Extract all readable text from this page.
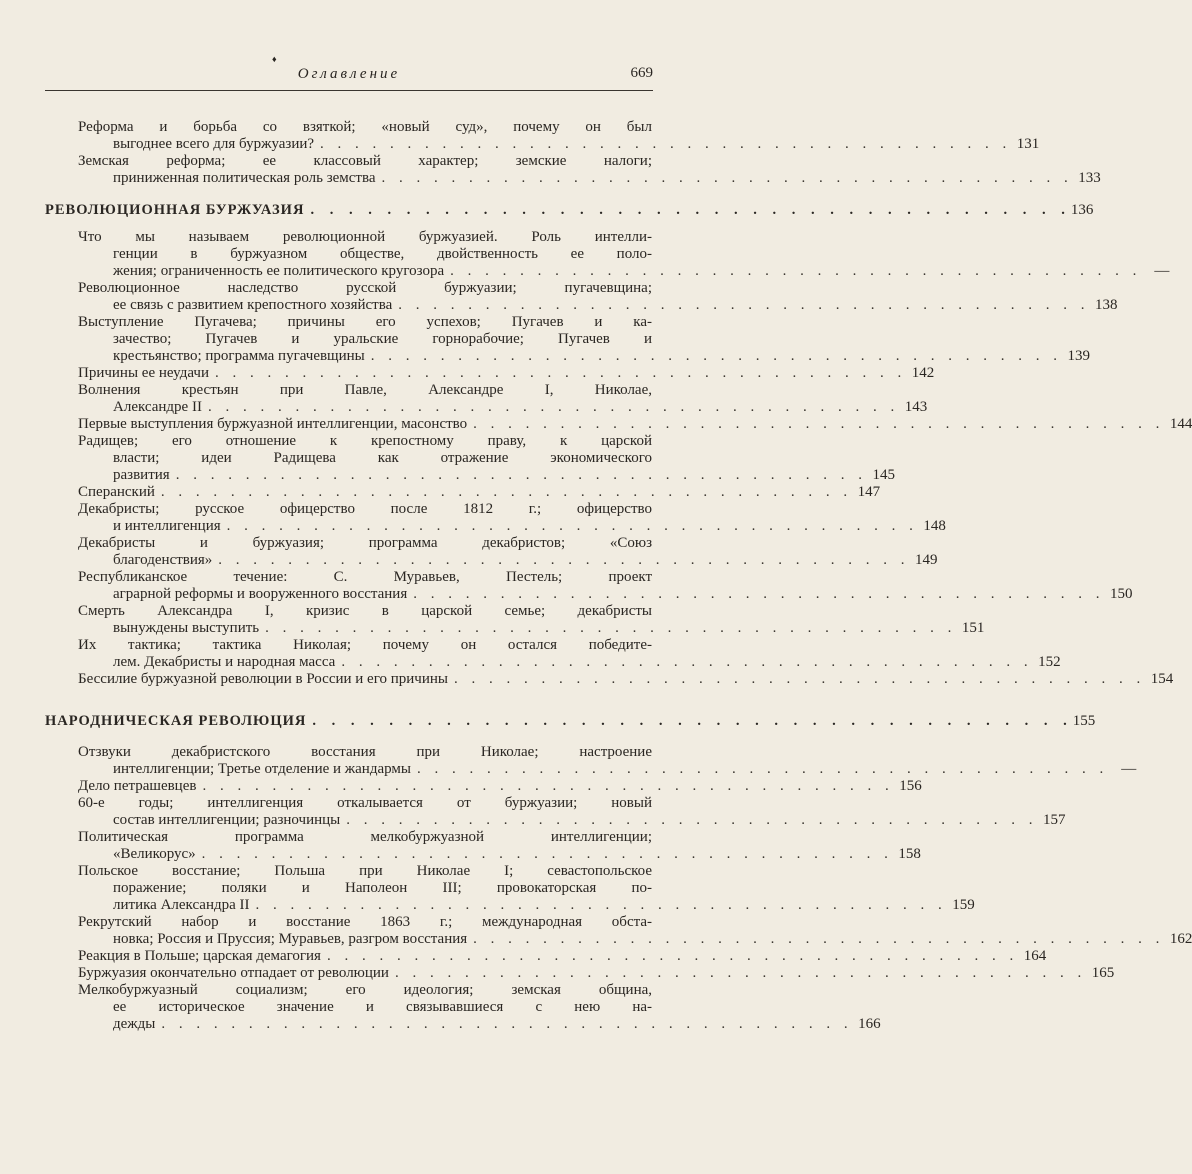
♦
Оглавление	669
Реформа и борьба со взяткой; «новый суд», почему он был
выгоднее всего для буржуазии? . . . . . . . . . . . . . . . . . . . . . . . . . . . . . . . . . . . . . . . . 131
Земская реформа; ее классовый характер; земские налоги;
приниженная политическая роль земства . . . . . . . . . . . . . . . . . . . . . . . . . . . . . . . . . . . . . . . . 133
РЕВОЛЮЦИОННАЯ БУРЖУАЗИЯ . . . . . . . . . . . . . . . . . . . . . . . . . . . . . . . . . . . . . . . . 136
Что мы называем революционной буржуазией. Роль интелли-
генции в буржуазном обществе, двойственность ее поло-
жения; ограниченность ее политического кругозора . . . . . . . . . . . . . . . . . . . . . . . . . . . . . . . . . . . . . . . . —
Революционное наследство русской буржуазии; пугачевщина;
ее связь с развитием крепостного хозяйства . . . . . . . . . . . . . . . . . . . . . . . . . . . . . . . . . . . . . . . . 138
Выступление Пугачева; причины его успехов; Пугачев и ка-
зачество; Пугачев и уральские горнорабочие; Пугачев и
крестьянство; программа пугачевщины . . . . . . . . . . . . . . . . . . . . . . . . . . . . . . . . . . . . . . . . 139
Причины ее неудачи . . . . . . . . . . . . . . . . . . . . . . . . . . . . . . . . . . . . . . . . 142
Волнения крестьян при Павле, Александре I, Николае,
Александре II . . . . . . . . . . . . . . . . . . . . . . . . . . . . . . . . . . . . . . . . 143
Первые выступления буржуазной интеллигенции, масонство . . . . . . . . . . . . . . . . . . . . . . . . . . . . . . . . . . . . . . . . 144
Радищев; его отношение к крепостному праву, к царской
власти; идеи Радищева как отражение экономического
развития . . . . . . . . . . . . . . . . . . . . . . . . . . . . . . . . . . . . . . . . 145
Сперанский . . . . . . . . . . . . . . . . . . . . . . . . . . . . . . . . . . . . . . . . 147
Декабристы; русское офицерство после 1812 г.; офицерство
и интеллигенция . . . . . . . . . . . . . . . . . . . . . . . . . . . . . . . . . . . . . . . . 148
Декабристы и буржуазия; программа декабристов; «Союз
благоденствия» . . . . . . . . . . . . . . . . . . . . . . . . . . . . . . . . . . . . . . . . 149
Республиканское течение: С. Муравьев, Пестель; проект
аграрной реформы и вооруженного восстания . . . . . . . . . . . . . . . . . . . . . . . . . . . . . . . . . . . . . . . . 150
Смерть Александра I, кризис в царской семье; декабристы
вынуждены выступить . . . . . . . . . . . . . . . . . . . . . . . . . . . . . . . . . . . . . . . . 151
Их тактика; тактика Николая; почему он остался победите-
лем. Декабристы и народная масса . . . . . . . . . . . . . . . . . . . . . . . . . . . . . . . . . . . . . . . . 152
Бессилие буржуазной революции в России и его причины . . . . . . . . . . . . . . . . . . . . . . . . . . . . . . . . . . . . . . . . 154
НАРОДНИЧЕСКАЯ РЕВОЛЮЦИЯ . . . . . . . . . . . . . . . . . . . . . . . . . . . . . . . . . . . . . . . . 155
Отзвуки декабристского восстания при Николае; настроение
интеллигенции; Третье отделение и жандармы . . . . . . . . . . . . . . . . . . . . . . . . . . . . . . . . . . . . . . . . —
Дело петрашевцев . . . . . . . . . . . . . . . . . . . . . . . . . . . . . . . . . . . . . . . . 156
60-е годы; интеллигенция откалывается от буржуазии; новый
состав интеллигенции; разночинцы . . . . . . . . . . . . . . . . . . . . . . . . . . . . . . . . . . . . . . . . 157
Политическая программа мелкобуржуазной интеллигенции;
«Великорус» . . . . . . . . . . . . . . . . . . . . . . . . . . . . . . . . . . . . . . . . 158
Польское восстание; Польша при Николае I; севастопольское
поражение; поляки и Наполеон III; провокаторская по-
литика Александра II . . . . . . . . . . . . . . . . . . . . . . . . . . . . . . . . . . . . . . . . 159
Рекрутский набор и восстание 1863 г.; международная обста-
новка; Россия и Пруссия; Муравьев, разгром восстания . . . . . . . . . . . . . . . . . . . . . . . . . . . . . . . . . . . . . . . . 162
Реакция в Польше; царская демагогия . . . . . . . . . . . . . . . . . . . . . . . . . . . . . . . . . . . . . . . . 164
Буржуазия окончательно отпадает от революции . . . . . . . . . . . . . . . . . . . . . . . . . . . . . . . . . . . . . . . . 165
Мелкобуржуазный социализм; его идеология; земская община,
ее историческое значение и связывавшиеся с нею на-
дежды . . . . . . . . . . . . . . . . . . . . . . . . . . . . . . . . . . . . . . . . 166
